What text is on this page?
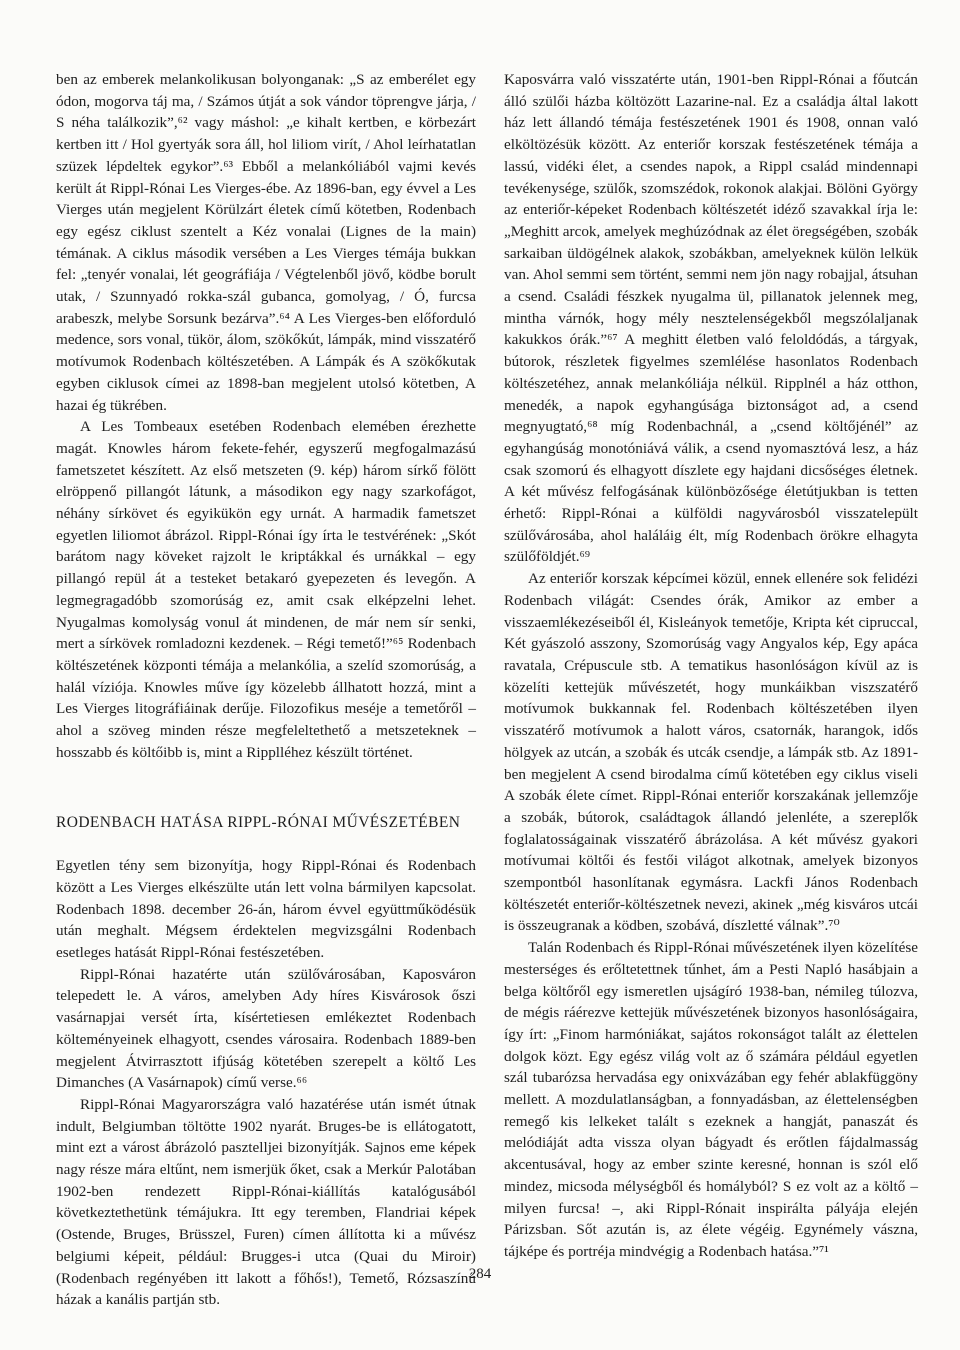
ben az emberek melankolikusan bolyonganak: „S az emberélet egy ódon, mogorva táj ma, / Számos útját a sok vándor töprengve járja, / S néha találkozik”,⁶² vagy máshol: „e kihalt kertben, e körbezárt kertben itt / Hol gyertyák sora áll, hol liliom virít, / Ahol leírhatatlan szüzek lépdeltek egykor”.⁶³ Ebből a melankóliából vajmi kevés került át Rippl-Rónai Les Vierges-ébe. Az 1896-ban, egy évvel a Les Vierges után megjelent Körülzárt életek című kötetben, Rodenbach egy egész ciklust szentelt a Kéz vonalai (Lignes de la main) témának. A ciklus második versében a Les Vierges témája bukkan fel: „tenyér vonalai, lét geográfiája / Végtelenből jövő, ködbe borult utak, / Szunnyadó rokka-szál gubanca, gomolyag, / Ó, furcsa arabeszk, melybe Sorsunk bezárva”.⁶⁴ A Les Vierges-ben előforduló medence, sors vonal, tükör, álom, szökőkút, lámpák, mind visszatérő motívumok Rodenbach költészetében. A Lámpák és A szökőkutak egyben ciklusok címei az 1898-ban megjelent utolsó kötetben, A hazai ég tükrében.

A Les Tombeaux esetében Rodenbach elemében érezhette magát. Knowles három fekete-fehér, egyszerű megfogalmazású fametszetet készített. Az első metszeten (9. kép) három sírkő fölött elröppenő pillangót látunk, a másodikon egy nagy szarkofágot, néhány sírkövet és egyikükön egy urnát. A harmadik fametszet egyetlen liliomot ábrázol. Rippl-Rónai így írta le testvérének: „Skót barátom nagy köveket rajzolt le kriptákkal és urnákkal – egy pillangó repül át a testeket betakaró gyepezeten és levegőn. A legmegragadóbb szomorúság ez, amit csak elképzelni lehet. Nyugalmas komolyság vonul át mindenen, de már nem sír senki, mert a sírkövek romladozni kezdenek. – Régi temető!”⁶⁵ Rodenbach költészetének központi témája a melankólia, a szelíd szomorúság, a halál víziója. Knowles műve így közelebb állhatott hozzá, mint a Les Vierges litográfiáinak derűje. Filozofikus meséje a temetőről – ahol a szöveg minden része megfeleltethető a metszeteknek – hosszabb és költőibb is, mint a Ripplléhez készült történet.

RODENBACH HATÁSA RIPPL-RÓNAI MŰVÉSZETÉBEN

Egyetlen tény sem bizonyítja, hogy Rippl-Rónai és Rodenbach között a Les Vierges elkészülte után lett volna bármilyen kapcsolat. Rodenbach 1898. december 26-án, három évvel együttműködésük után meghalt. Mégsem érdektelen megvizsgálni Rodenbach esetleges hatását Rippl-Rónai festészetében.

Rippl-Rónai hazatérte után szülővárosában, Kaposváron telepedett le. A város, amelyben Ady híres Kisvárosok őszi vasárnapjai versét írta, kísértetiesen emlékeztet Rodenbach költeményeinek elhagyott, csendes városaira. Rodenbach 1889-ben megjelent Átvirrasztott ifjúság kötetében szerepelt a költő Les Dimanches (A Vasárnapok) című verse.⁶⁶

Rippl-Rónai Magyarországra való hazatérése után ismét útnak indult, Belgiumban töltötte 1902 nyarát. Bruges-be is ellátogatott, mint ezt a várost ábrázoló pasztelljei bizonyítják. Sajnos eme képek nagy része mára eltűnt, nem ismerjük őket, csak a Merkúr Palotában 1902-ben rendezett Rippl-Rónai-kiállítás katalógusából következtethetünk témájukra. Itt egy teremben, Flandriai képek (Ostende, Bruges, Brüsszel, Furen) címen állította ki a művész belgiumi képeit, például: Brugges-i utca (Quai du Miroir) (Rodenbach regényében itt lakott a főhős!), Temető, Rózsaszínű házak a kanális partján stb.

Kaposvárra való visszatérte után, 1901-ben Rippl-Rónai a főutcán álló szülői házba költözött Lazarine-nal. Ez a családja által lakott ház lett állandó témája festészetének 1901 és 1908, onnan való elköltözésük között. Az enteriőr korszak festészetének témája a lassú, vidéki élet, a csendes napok, a Rippl család mindennapi tevékenysége, szülők, szomszédok, rokonok alakjai. Bölöni György az enteriőr-képeket Rodenbach költészetét idéző szavakkal írja le: „Meghitt arcok, amelyek meghúzódnak az élet öregségében, szobák sarkaiban üldögélnek alakok, szobákban, amelyeknek külön lelkük van. Ahol semmi sem történt, semmi nem jön nagy robajjal, átsuhan a csend. Családi fészkek nyugalma ül, pillanatok jelennek meg, mintha várnók, hogy mély nesztelenségekből megszólaljanak kakukkos órák.”⁶⁷ A meghitt életben való feloldódás, a tárgyak, bútorok, részletek figyelmes szemlélése hasonlatos Rodenbach költészetéhez, annak melankóliája nélkül. Ripplnél a ház otthon, menedék, a napok egyhangúsága biztonságot ad, a csend megnyugtató,⁶⁸ míg Rodenbachnál, a „csend költőjénél” az egyhangúság monotóniává válik, a csend nyomasztóvá lesz, a ház csak szomorú és elhagyott díszlete egy hajdani dicsőséges életnek. A két művész felfogásának különbözősége életútjukban is tetten érhető: Rippl-Rónai a külföldi nagyvárosból visszatelepült szülővárosába, ahol haláláig élt, míg Rodenbach örökre elhagyta szülőföldjét.⁶⁹

Az enteriőr korszak képcímei közül, ennek ellenére sok felidézi Rodenbach világát: Csendes órák, Amikor az ember a visszaemlékezéseiből él, Kisleányok temetője, Kripta két cipruссal, Két gyászoló asszony, Szomorúság vagy Angyalos kép, Egy apáca ravatala, Crépuscule stb. A tematikus hasonlóságon kívül az is közelíti kettejük művészetét, hogy munkáikban viszszatérő motívumok bukkannak fel. Rodenbach költészetében ilyen visszatérő motívumok a halott város, csatornák, harangok, idős hölgyek az utcán, a szobák és utcák csendje, a lámpák stb. Az 1891-ben megjelent A csend birodalma című kötetében egy ciklus viseli A szobák élete címet. Rippl-Rónai enteriőr korszakának jellemzője a szobák, bútorok, családtagok állandó jelenléte, a szereplők foglalatosságainak visszatérő ábrázolása. A két művész gyakori motívumai költői és festői világot alkotnak, amelyek bizonyos szempontból hasonlítanak egymásra. Lackfi János Rodenbach költészetét enteriőr-költészetnek nevezi, akinek „még kisváros utcái is összeugranak a ködben, szobává, díszletté válnak”.⁷⁰

Talán Rodenbach és Rippl-Rónai művészetének ilyen közelítése mesterséges és erőltetettnek tűnhet, ám a Pesti Napló hasábjain a belga költőről egy ismeretlen ujságíró 1938-ban, némileg túlozva, de mégis ráérezve kettejük művészetének bizonyos hasonlóságaira, így írt: „Finom harmóniákat, sajátos rokonságot talált az élettelen dolgok közt. Egy egész világ volt az ő számára például egyetlen szál tubarózsa hervadása egy onixvázában egy fehér ablakfüggöny mellett. A mozdulatlanságban, a fonnyadásban, az élettelenségben remegő kis lelkeket talált s ezeknek a hangját, panaszát és melódiáját adta vissza olyan bágyadt és erőtlen fájdalmasság akcentusával, hogy az ember szinte keresné, honnan is szól elő mindez, micsoda mélységből és homályból? S ez volt az a költő – milyen furcsa! –, aki Rippl-Rónait inspirálta pályája elején Párizsban. Sőt azután is, az élete végéig. Egynémely vászna, tájképe és portréja mindvégig a Rodenbach hatása.”⁷¹

284
